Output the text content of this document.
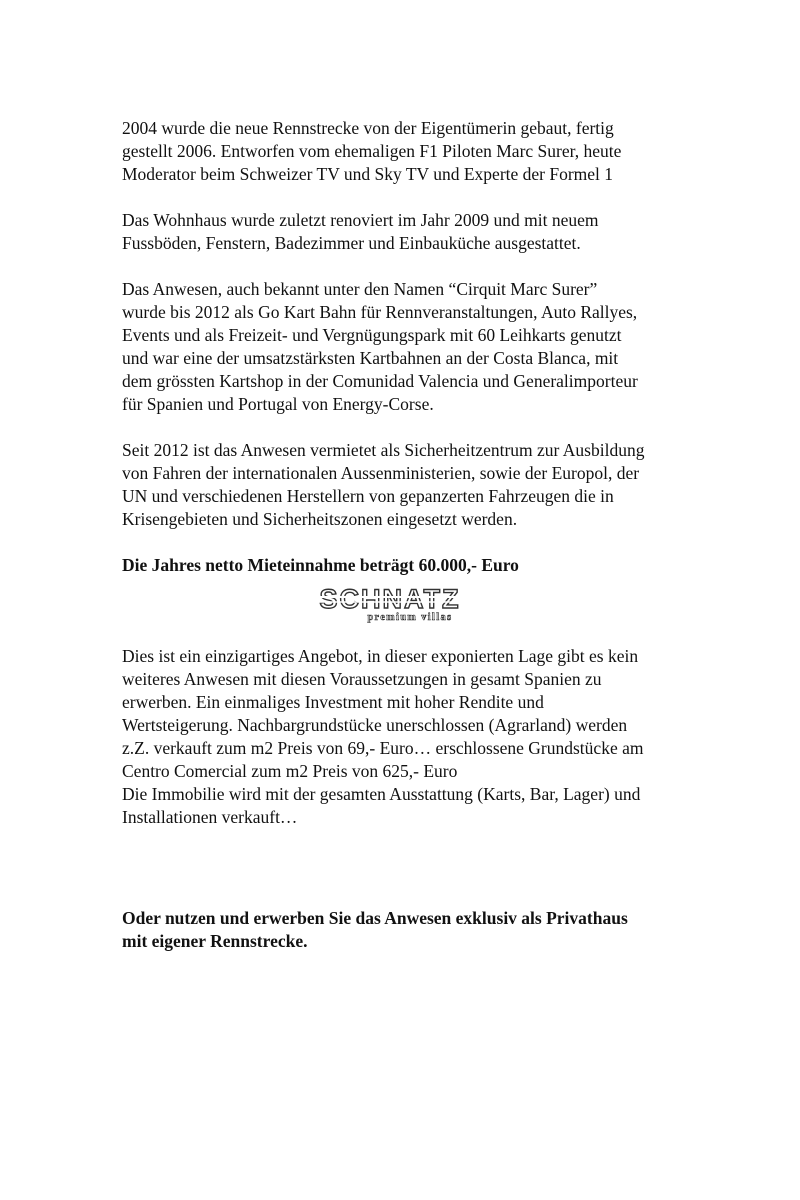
2004 wurde die neue Rennstrecke von der Eigentümerin gebaut, fertig
gestellt 2006. Entworfen vom ehemaligen F1 Piloten Marc Surer, heute
Moderator beim Schweizer TV und Sky TV und Experte der Formel 1
Das Wohnhaus wurde zuletzt renoviert im Jahr 2009 und mit neuem
Fussböden, Fenstern, Badezimmer und Einbauküche ausgestattet.
Das Anwesen, auch bekannt unter den Namen “Cirquit Marc Surer”
wurde bis 2012 als Go Kart Bahn für Rennveranstaltungen, Auto Rallyes,
Events und als Freizeit- und Vergnügungspark mit 60 Leihkarts genutzt
und war eine der umsatzstärksten Kartbahnen an der Costa Blanca, mit
dem grössten Kartshop in der Comunidad Valencia und Generalimporteur
für Spanien und Portugal von Energy-Corse.
Seit 2012 ist das Anwesen vermietet als Sicherheitzentrum zur Ausbildung
von Fahren der internationalen Aussenministerien, sowie der Europol, der
UN und verschiedenen Herstellern von gepanzerten Fahrzeugen die in
Krisengebieten und Sicherheitszonen eingesetzt werden.
Die Jahres netto Mieteinnahme beträgt 60.000,- Euro
SCHNATZ
premium villas
Dies ist ein einzigartiges Angebot, in dieser exponierten Lage gibt es kein
weiteres Anwesen mit diesen Voraussetzungen in gesamt Spanien zu
erwerben. Ein einmaliges Investment mit hoher Rendite und
Wertsteigerung. Nachbargrundstücke unerschlossen (Agrarland) werden
z.Z. verkauft zum m2 Preis von 69,- Euro… erschlossene Grundstücke am
Centro Comercial zum m2 Preis von 625,- Euro
Die Immobilie wird mit der gesamten Ausstattung (Karts, Bar, Lager) und
Installationen verkauft…
Oder nutzen und erwerben Sie das Anwesen exklusiv als Privathaus
mit eigener Rennstrecke.
